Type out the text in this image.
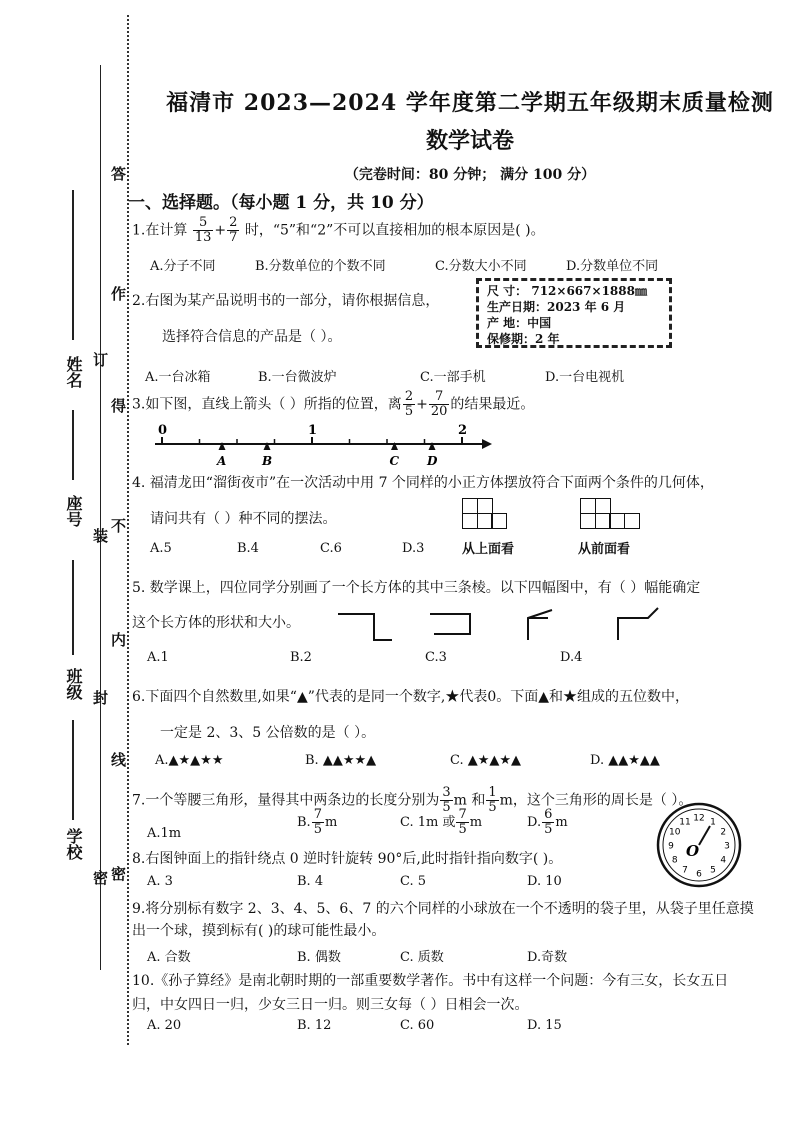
姓名
座号
班级
学校
答
作
订
得
不
装
内
封
线
密 密
福清市 2023—2024 学年度第二学期五年级期末质量检测
数学试卷
（完卷时间：80 分钟； 满分 100 分）
一、选择题。（每小题 1 分，共 10 分）
1.在计算 $\frac{5}{13} + \frac{2}{7}$ 时，“5”和“2”不可以直接相加的根本原因是( )。
A.分子不同	B.分数单位的个数不同	C.分数大小不同	D.分数单位不同
2.右图为某产品说明书的一部分，请你根据信息，
选择符合信息的产品是（ ）。
尺 寸： 712×667×1888㎜
生产日期：2023 年 6 月
产 地：中国
保修期：2 年
A.一台冰箱	B.一台微波炉	C.一部手机	D.一台电视机
3.如下图，直线上箭头（ ）所指的位置，离 $\frac{2}{5} + \frac{7}{20}$ 的结果最近。
0	1	2
A	B	C D
4. 福清龙田“溜街夜市”在一次活动中用 7 个同样的小正方体摆放符合下面两个条件的几何体，
请问共有（ ）种不同的摆法。
A.5	B.4	C.6	D.3	从上面看	从前面看
5. 数学课上，四位同学分别画了一个长方体的其中三条棱。以下四幅图中，有（ ）幅能确定
这个长方体的形状和大小。
A.1	B.2	C.3	D.4
6.下面四个自然数里,如果“▲”代表的是同一个数字,★代表0。下面▲和★组成的五位数中，
一定是 2、3、5 公倍数的是（ ）。
A.▲★▲★★	B. ▲▲★★▲	C. ▲★▲★▲	D. ▲▲★▲▲
7.一个等腰三角形，量得其中两条边的长度分别为 $\frac{3}{5}$ m 和 $\frac{1}{5}$ m，这个三角形的周长是（ ）。
A.1m
B. $\frac{7}{5}$ m	C. 1m 或 $\frac{7}{5}$ m	D. $\frac{6}{5}$ m
8.右图钟面上的指针绕点 0 逆时针旋转 90°后,此时指针指向数字( )。
A. 3	B. 4	C. 5	D. 10
12 1
2
3
4
5
6
7
8
9
10
11
O
9.将分别标有数字 2、3、4、5、6、7 的六个同样的小球放在一个不透明的袋子里，从袋子里任意摸
出一个球，摸到标有( )的球可能性最小。
A. 合数	B. 偶数	C. 质数	D.奇数
10.《孙子算经》是南北朝时期的一部重要数学著作。书中有这样一个问题：今有三女，长女五日
归，中女四日一归，少女三日一归。则三女每（ ）日相会一次。
A. 20	B. 12	C. 60	D. 15
